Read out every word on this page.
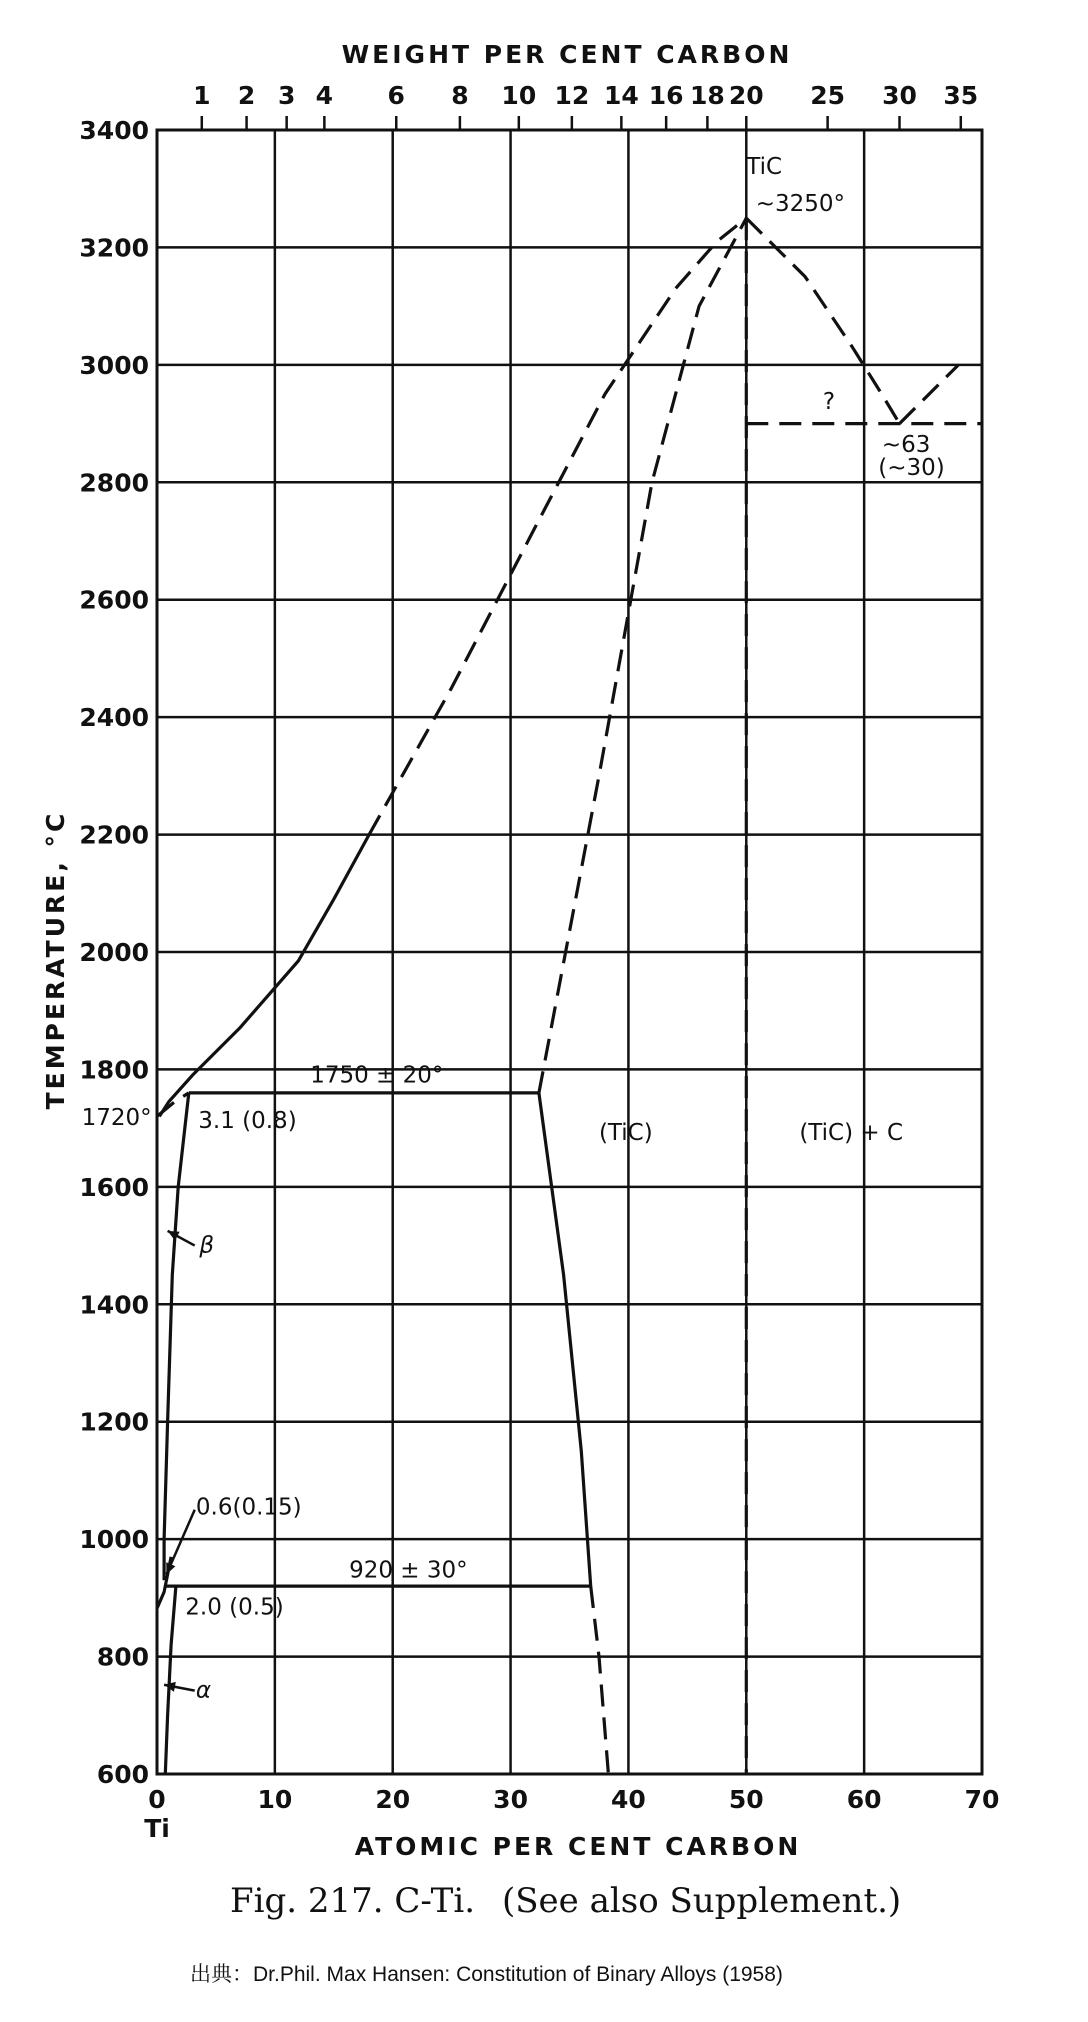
0	10	20	30	40	50	60	70
Ti
600
800
1000
1200
1400
1600
1800
2000
2200
2400
2600
2800
3000
3200
3400
1 2 3 4 6 8 10 12 14 16 18 20 25 30 35
TiC
~3250°
?
~63
(~30)
1750 ± 20°
1720° 3.1 (0.8)	(TiC)	(TiC) + C
β
0.6(0.15)
920 ± 30°
2.0 (0.5)
α
WEIGHT PER CENT CARBON
ATOMIC PER CENT CARBON
TEMPERATURE, °C
Fig. 217. C-Ti. (See also Supplement.)
出典：Dr.Phil. Max Hansen: Constitution of Binary Alloys (1958)
